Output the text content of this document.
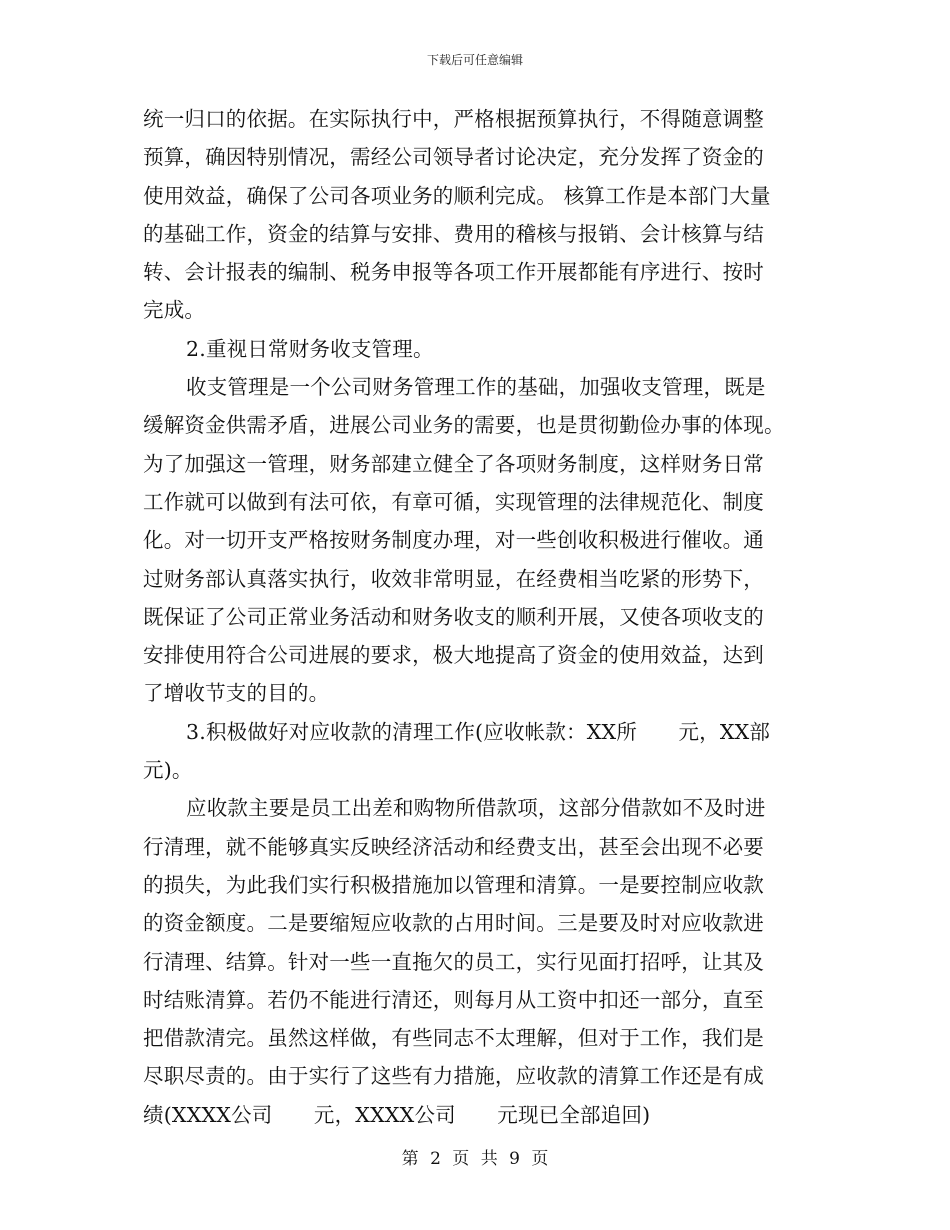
下载后可任意编辑
统一归口的依据。在实际执行中，严格根据预算执行，不得随意调整
预算，确因特别情况，需经公司领导者讨论决定，充分发挥了资金的
使用效益，确保了公司各项业务的顺利完成。 核算工作是本部门大量
的基础工作，资金的结算与安排、费用的稽核与报销、会计核算与结
转、会计报表的编制、税务申报等各项工作开展都能有序进行、按时
完成。
2.重视日常财务收支管理。
收支管理是一个公司财务管理工作的基础，加强收支管理，既是
缓解资金供需矛盾，进展公司业务的需要，也是贯彻勤俭办事的体现。
为了加强这一管理，财务部建立健全了各项财务制度，这样财务日常
工作就可以做到有法可依，有章可循，实现管理的法律规范化、制度
化。对一切开支严格按财务制度办理，对一些创收积极进行催收。通
过财务部认真落实执行，收效非常明显，在经费相当吃紧的形势下，
既保证了公司正常业务活动和财务收支的顺利开展，又使各项收支的
安排使用符合公司进展的要求，极大地提高了资金的使用效益，达到
了增收节支的目的。
3.积极做好对应收款的清理工作(应收帐款：XX所　　元，XX部
元)。
应收款主要是员工出差和购物所借款项，这部分借款如不及时进
行清理，就不能够真实反映经济活动和经费支出，甚至会出现不必要
的损失，为此我们实行积极措施加以管理和清算。一是要控制应收款
的资金额度。二是要缩短应收款的占用时间。三是要及时对应收款进
行清理、结算。针对一些一直拖欠的员工，实行见面打招呼，让其及
时结账清算。若仍不能进行清还，则每月从工资中扣还一部分，直至
把借款清完。虽然这样做，有些同志不太理解，但对于工作，我们是
尽职尽责的。由于实行了这些有力措施，应收款的清算工作还是有成
绩(XXXX公司　　元，XXXX公司　　元现已全部追回)
第 2 页 共 9 页
